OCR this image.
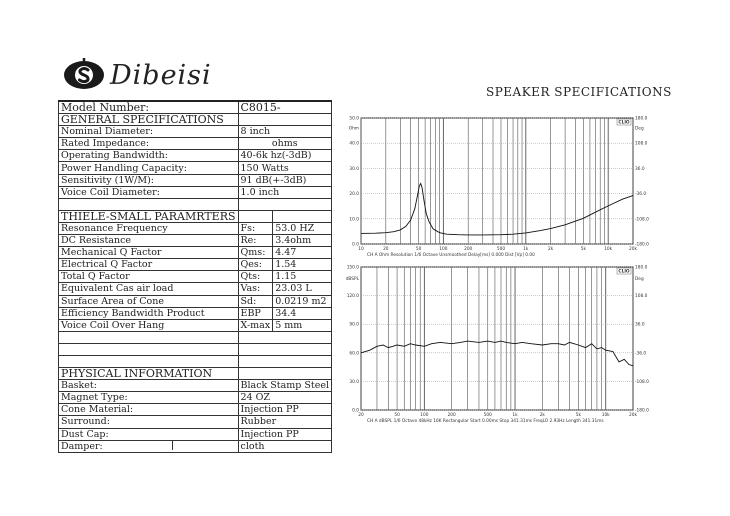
Dibeisi
SPEAKER SPECIFICATIONS
Model Number:	C8015-	
GENERAL SPECIFICATIONS		
Nominal Diameter:	8 inch	
Rated Impedance:	ohms	
Operating Bandwidth:	40-6k hz(-3dB)	
Power Handling Capacity:	150 Watts	
Sensitivity (1W/M):	91 dB(+-3dB)	
Voice Coil Diameter:	1.0 inch	

THIELE-SMALL PARAMRTERS		
Resonance Frequency	Fs:	53.0 HZ
DC Resistance	Re:	3.4ohm
Mechanical Q Factor	Qms:	4.47
Electrical Q Factor	Qes:	1.54
Total Q Factor	Qts:	1.15
Equivalent Cas air load	Vas:	23.03 L
Surface Area of Cone	Sd:	0.0219 m2
Efficiency Bandwidth Product	EBP	34.4
Voice Coil Over Hang	X-max	5 mm

PHYSICAL INFORMATION		
Basket:	Black Stamp Steel	
Magnet Type:	24 OZ	
Cone Material:	Injection PP	
Surround:	Rubber	
Dust Cap:	Injection PP	
Damper:	cloth	
50.0
40.0
30.0
20.0
10.0
0.0
180.0
108.0
36.0
-36.0
-108.0
-180.0
Ohm	Deg
CLIO
10	20	50	100	200	500	1k	2k	5k	10k	20k
CH A Ohm Resolution 1/6 Octave Unsmoothed Delay[ms] 0.000 Dist [Vp] 0.00
150.0
120.0
90.0
60.0
30.0
0.0
180.0
108.0
36.0
-36.0
-108.0
-180.0
dBSPL	Deg
CLIO
20	50	100	200	500	1k	2k	5k	10k	20k
CH A dBSPL 1/6 Octave 48kHz 16K Rectangular Start 0.00ms Stop 341.31ms FreqLO 2.93Hz Length 341.31ms
